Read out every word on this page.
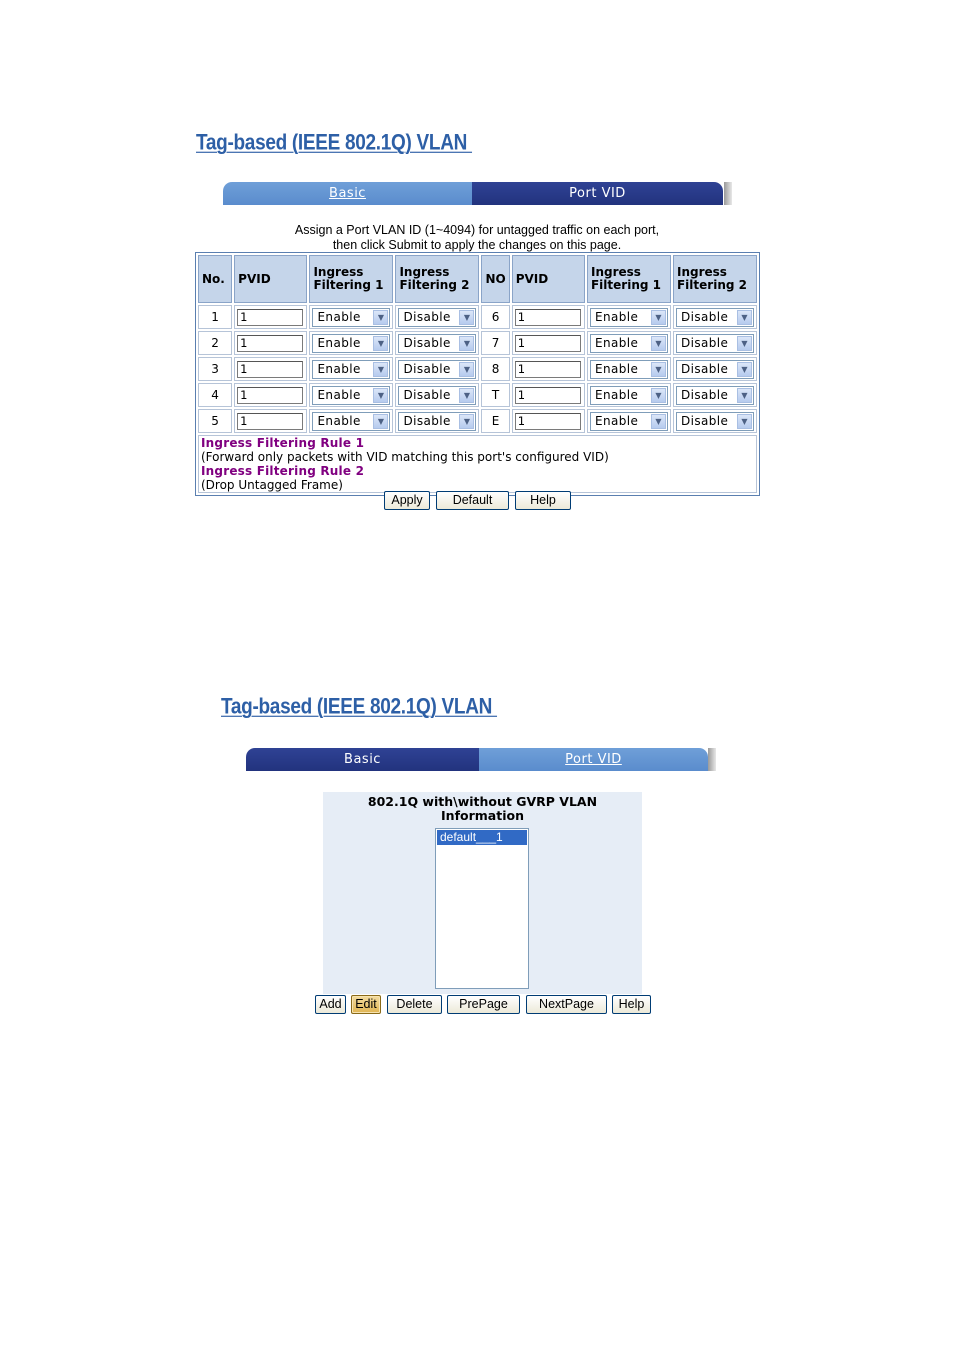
Tag-based (IEEE 802.1Q) VLAN
Basic	Port VID
Assign a Port VLAN ID (1~4094) for untagged traffic on each port,
then click Submit to apply the changes on this page.
No.	PVID	Ingress Filtering 1	Ingress Filtering 2	NO	PVID	Ingress Filtering 1	Ingress Filtering 2
1	1	Enable ▼	Disable ▼	6	1	Enable ▼	Disable ▼

2	1	Enable ▼	Disable ▼	7	1	Enable ▼	Disable ▼

3	1	Enable ▼	Disable ▼	8	1	Enable ▼	Disable ▼

4	1	Enable ▼	Disable ▼	T	1	Enable ▼	Disable ▼

5	1	Enable ▼	Disable ▼	E	1	Enable ▼	Disable ▼

Ingress Filtering Rule 1
(Forward only packets with VID matching this port's configured VID)
Ingress Filtering Rule 2
(Drop Untagged Frame)							
Apply	Default	Help
Tag-based (IEEE 802.1Q) VLAN
Basic	Port VID
802.1Q with\without GVRP VLAN
Information
default___1
Add	Edit	Delete	PrePage	NextPage	Help
